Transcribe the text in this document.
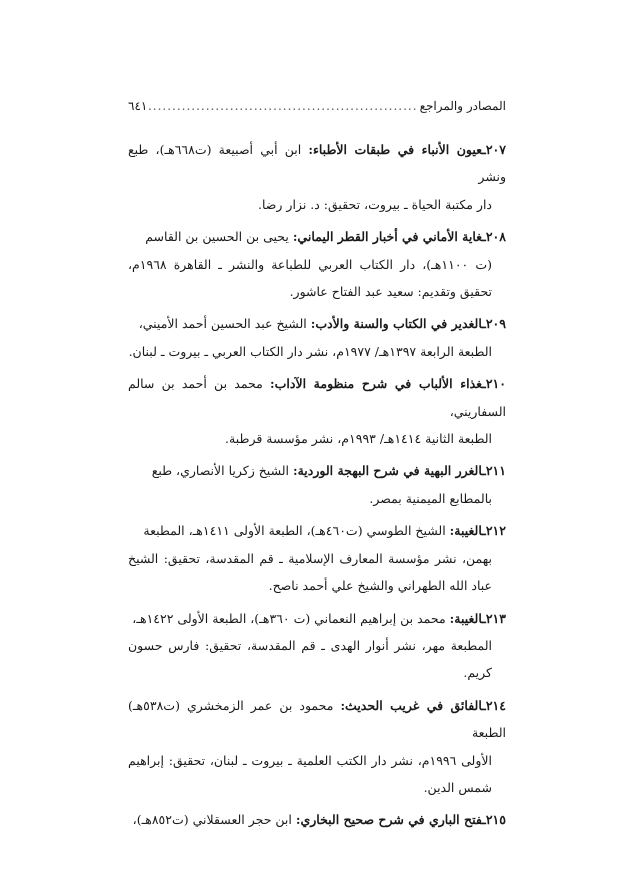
المصادر والمراجع
.....
٦٤١

٢٠٧ـعيون الأنباء في طبقات الأطباء: ابن أبي أصبيعة (ت٦٦٨هـ)، طبع ونشر
دار مكتبة الحياة ـ بيروت، تحقيق: د. نزار رضا.

٢٠٨ـغاية الأماني في أخبار القطر اليماني: يحيى بن الحسين بن القاسم
(ت ١١٠٠هـ)، دار الكتاب العربي للطباعة والنشر ـ القاهرة ١٩٦٨م، تحقيق وتقديم: سعيد عبد الفتاح عاشور.

٢٠٩ـالغدير في الكتاب والسنة والأدب: الشيخ عبد الحسين أحمد الأميني،
الطبعة الرابعة ١٣٩٧هـ/ ١٩٧٧م، نشر دار الكتاب العربي ـ بيروت ـ لبنان.

٢١٠ـغذاء الألباب في شرح منظومة الآداب: محمد بن أحمد بن سالم السفاريني،
الطبعة الثانية ١٤١٤هـ/ ١٩٩٣م، نشر مؤسسة قرطبة.

٢١١ـالغرر البهية في شرح البهجة الوردية: الشيخ زكريا الأنصاري، طبع
بالمطابع الميمنية بمصر.

٢١٢ـالغيبة: الشيخ الطوسي (ت٤٦٠هـ)، الطبعة الأولى ١٤١١هـ، المطبعة
بهمن، نشر مؤسسة المعارف الإسلامية ـ قم المقدسة، تحقيق: الشيخ عباد الله الطهراني والشيخ علي أحمد ناصح.

٢١٣ـالغيبة: محمد بن إبراهيم النعماني (ت ٣٦٠هـ)، الطبعة الأولى ١٤٢٢هـ،
المطبعة مهر، نشر أنوار الهدى ـ قم المقدسة، تحقيق: فارس حسون كريم.

٢١٤ـالفائق في غريب الحديث: محمود بن عمر الزمخشري (ت٥٣٨هـ) الطبعة
الأولى ١٩٩٦م، نشر دار الكتب العلمية ـ بيروت ـ لبنان، تحقيق: إبراهيم شمس الدين.

٢١٥ـفتح الباري في شرح صحيح البخاري: ابن حجر العسقلاني (ت٨٥٢هـ)،
